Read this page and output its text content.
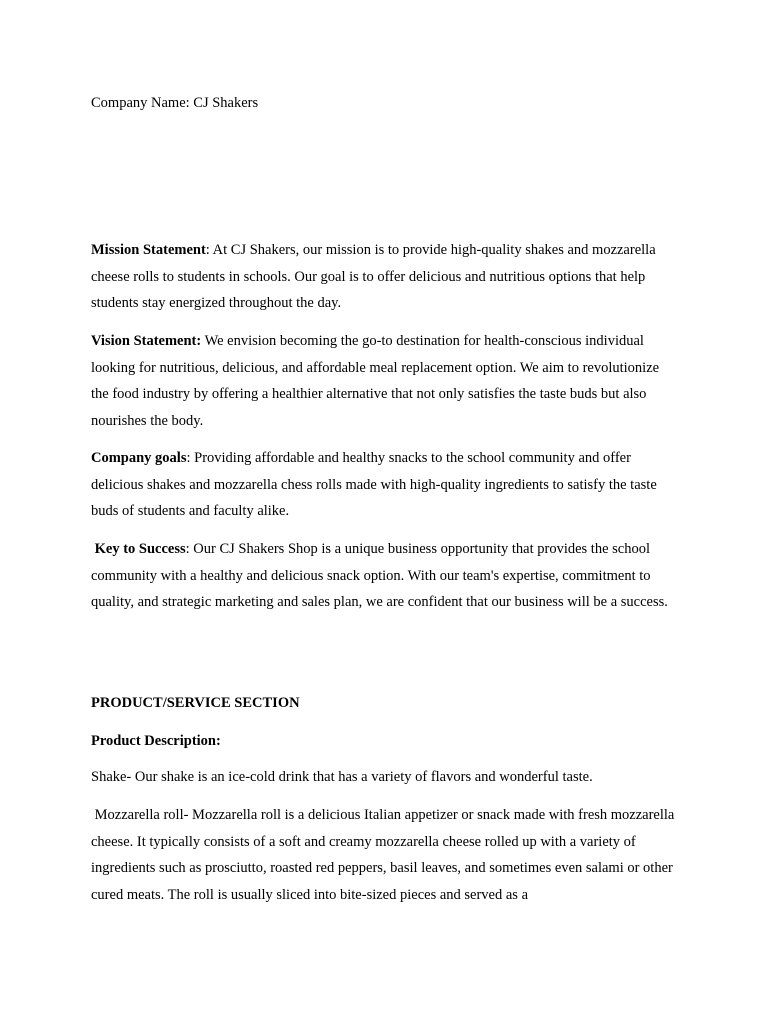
Company Name: CJ Shakers

Mission Statement: At CJ Shakers, our mission is to provide high-quality shakes and mozzarella cheese rolls to students in schools. Our goal is to offer delicious and nutritious options that help students stay energized throughout the day.

Vision Statement: We envision becoming the go-to destination for health-conscious individual looking for nutritious, delicious, and affordable meal replacement option. We aim to revolutionize the food industry by offering a healthier alternative that not only satisfies the taste buds but also nourishes the body.

Company goals: Providing affordable and healthy snacks to the school community and offer delicious shakes and mozzarella chess rolls made with high-quality ingredients to satisfy the taste buds of students and faculty alike.

Key to Success: Our CJ Shakers Shop is a unique business opportunity that provides the school community with a healthy and delicious snack option. With our team's expertise, commitment to quality, and strategic marketing and sales plan, we are confident that our business will be a success.

PRODUCT/SERVICE SECTION
Product Description:
Shake- Our shake is an ice-cold drink that has a variety of flavors and wonderful taste.

Mozzarella roll- Mozzarella roll is a delicious Italian appetizer or snack made with fresh mozzarella cheese. It typically consists of a soft and creamy mozzarella cheese rolled up with a variety of ingredients such as prosciutto, roasted red peppers, basil leaves, and sometimes even salami or other cured meats. The roll is usually sliced into bite-sized pieces and served as a
